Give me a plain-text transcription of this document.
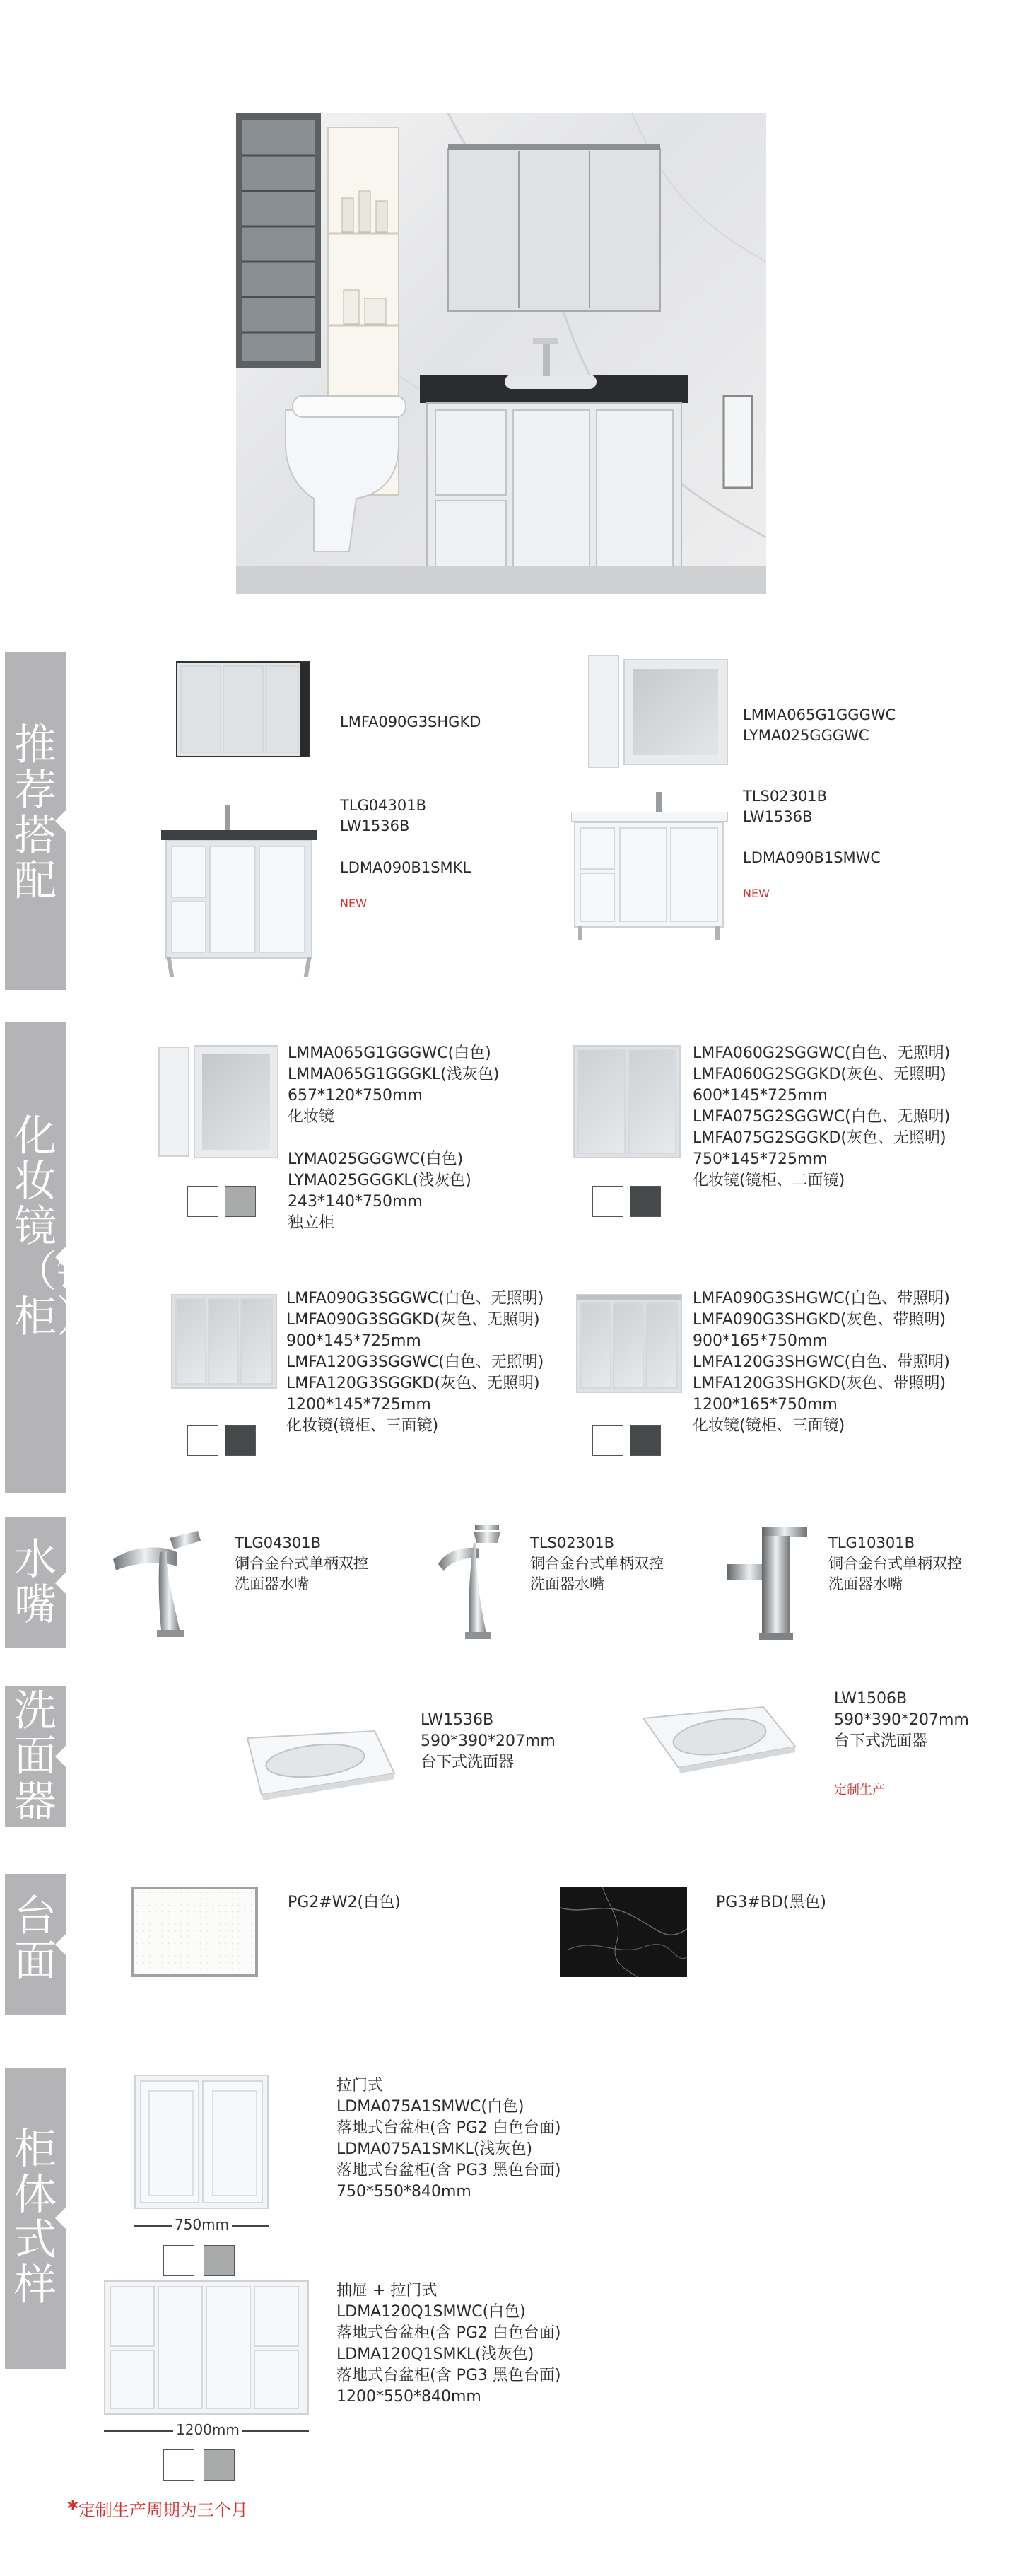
推荐搭配
LMFA090G3SHGKD
TLG04301B
LW1536B
LDMA090B1SMKL
NEW
LMMA065G1GGGWC
LYMA025GGGWC
TLS02301B
LW1536B
LDMA090B1SMWC
NEW
化妆镜（镜柜）
LMMA065G1GGGWC(白色)
LMMA065G1GGGKL(浅灰色)
657*120*750mm
化妆镜
LYMA025GGGWC(白色)
LYMA025GGGKL(浅灰色)
243*140*750mm
独立柜
LMFA060G2SGGWC(白色、无照明)
LMFA060G2SGGKD(灰色、无照明)
600*145*725mm
LMFA075G2SGGWC(白色、无照明)
LMFA075G2SGGKD(灰色、无照明)
750*145*725mm
化妆镜(镜柜、二面镜)
LMFA090G3SGGWC(白色、无照明)
LMFA090G3SGGKD(灰色、无照明)
900*145*725mm
LMFA120G3SGGWC(白色、无照明)
LMFA120G3SGGKD(灰色、无照明)
1200*145*725mm
化妆镜(镜柜、三面镜)
LMFA090G3SHGWC(白色、带照明)
LMFA090G3SHGKD(灰色、带照明)
900*165*750mm
LMFA120G3SHGWC(白色、带照明)
LMFA120G3SHGKD(灰色、带照明)
1200*165*750mm
化妆镜(镜柜、三面镜)
水嘴
TLG04301B
铜合金台式单柄双控
洗面器水嘴
TLS02301B
铜合金台式单柄双控
洗面器水嘴
TLG10301B
铜合金台式单柄双控
洗面器水嘴
洗面器
LW1536B
590*390*207mm
台下式洗面器
LW1506B
590*390*207mm
台下式洗面器
定制生产
台面
PG2#W2(白色)	PG3#BD(黑色)
柜体式样
750mm
拉门式
LDMA075A1SMWC(白色)
落地式台盆柜(含 PG2 白色台面)
LDMA075A1SMKL(浅灰色)
落地式台盆柜(含 PG3 黑色台面)
750*550*840mm
1200mm
抽屉 + 拉门式
LDMA120Q1SMWC(白色)
落地式台盆柜(含 PG2 白色台面)
LDMA120Q1SMKL(浅灰色)
落地式台盆柜(含 PG3 黑色台面)
1200*550*840mm
*定制生产周期为三个月
